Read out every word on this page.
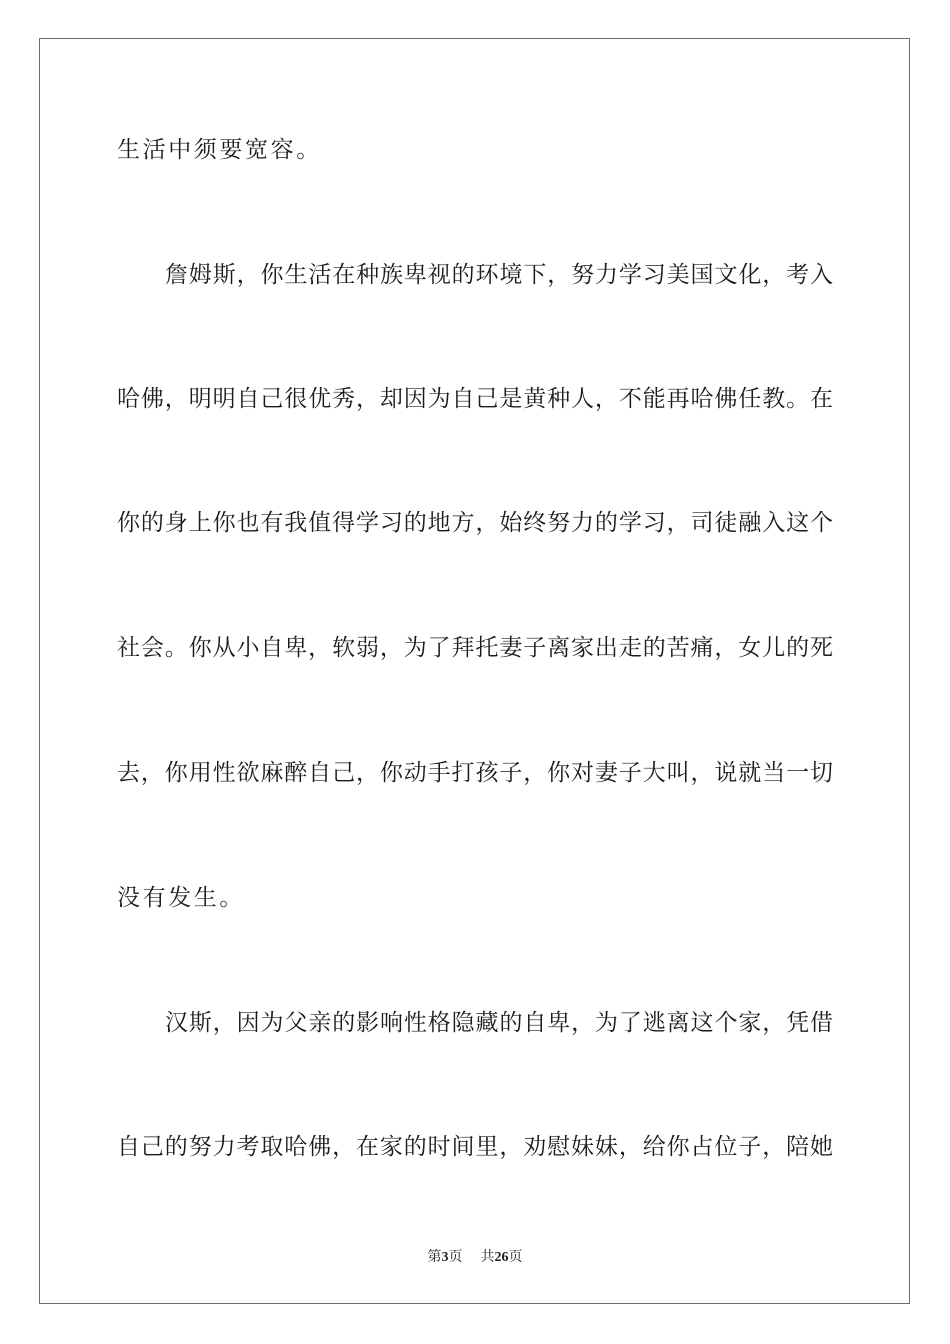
生活中须要宽容。
詹姆斯，你生活在种族卑视的环境下，努力学习美国文化，考入
哈佛，明明自己很优秀，却因为自己是黄种人，不能再哈佛任教。在
你的身上你也有我值得学习的地方，始终努力的学习，司徒融入这个
社会。你从小自卑，软弱，为了拜托妻子离家出走的苦痛，女儿的死
去，你用性欲麻醉自己，你动手打孩子，你对妻子大叫，说就当一切
没有发生。
汉斯，因为父亲的影响性格隐藏的自卑，为了逃离这个家，凭借
自己的努力考取哈佛，在家的时间里，劝慰妹妹，给你占位子，陪她
第3页 共26页
